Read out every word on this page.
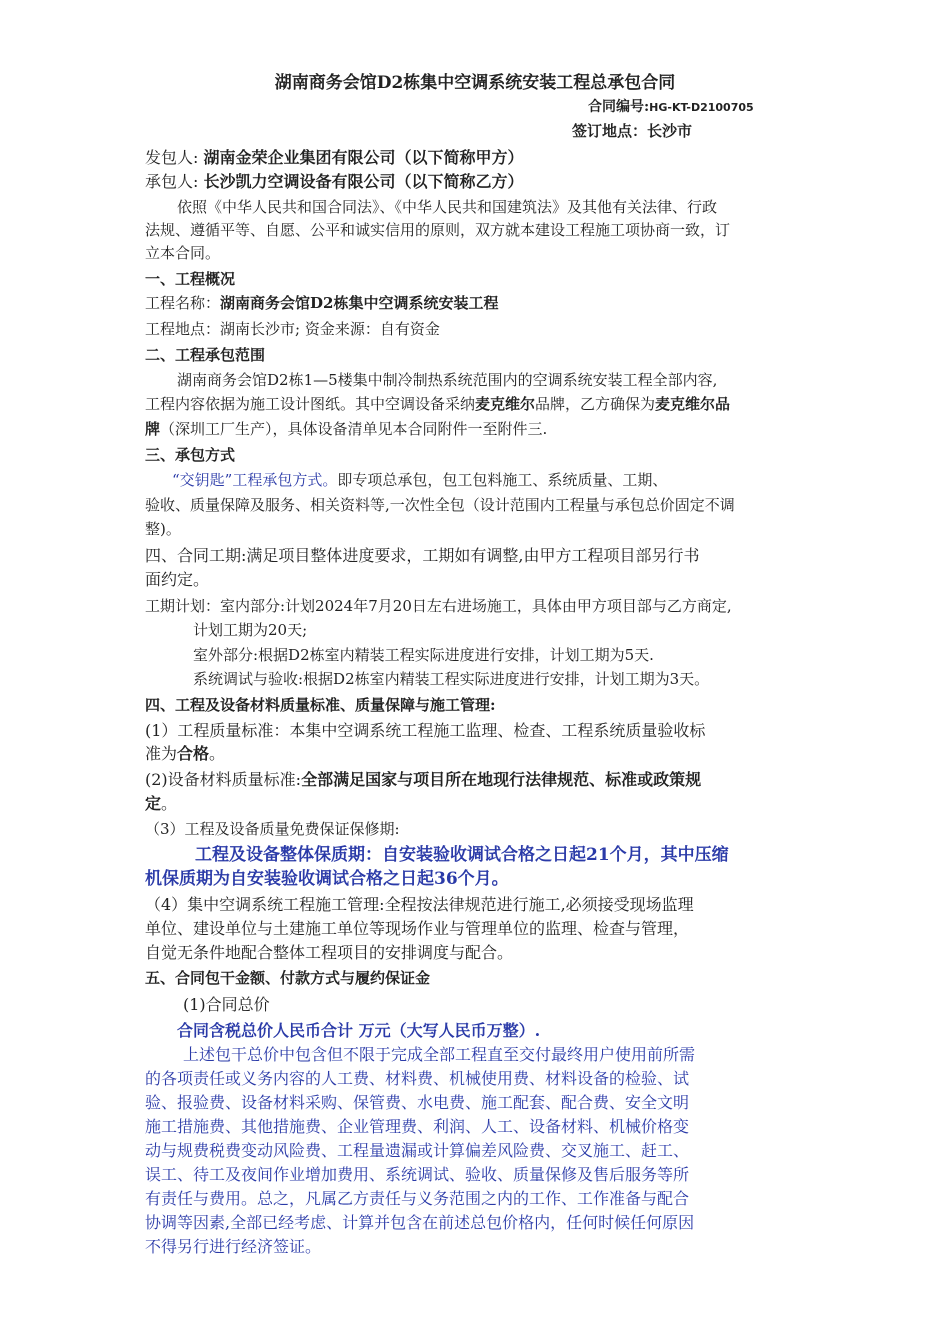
湖南商务会馆D2栋集中空调系统安装工程总承包合同
合同编号:HG-KT-D2100705
签订地点：长沙市
发包人: 湖南金荣企业集团有限公司（以下简称甲方）
承包人: 长沙凯力空调设备有限公司（以下简称乙方）
依照《中华人民共和国合同法》、《中华人民共和国建筑法》及其他有关法律、行政
法规、遵循平等、自愿、公平和诚实信用的原则，双方就本建设工程施工项协商一致，订
立本合同。
一、工程概况
工程名称：湖南商务会馆D2栋集中空调系统安装工程
工程地点：湖南长沙市; 资金来源：自有资金
二、工程承包范围
湖南商务会馆D2栋1—5楼集中制冷制热系统范围内的空调系统安装工程全部内容,
工程内容依据为施工设计图纸。其中空调设备采纳麦克维尔品牌，乙方确保为麦克维尔品
牌（深圳工厂生产），具体设备清单见本合同附件一至附件三.
三、承包方式
“交钥匙”工程承包方式。即专项总承包，包工包料施工、系统质量、工期、
验收、质量保障及服务、相关资料等,一次性全包（设计范围内工程量与承包总价固定不调
整)。
四、合同工期:满足项目整体进度要求，工期如有调整,由甲方工程项目部另行书
面约定。
工期计划：室内部分:计划2024年7月20日左右进场施工，具体由甲方项目部与乙方商定,
计划工期为20天;
室外部分:根据D2栋室内精装工程实际进度进行安排，计划工期为5天.
系统调试与验收:根据D2栋室内精装工程实际进度进行安排，计划工期为3天。
四、工程及设备材料质量标准、质量保障与施工管理:
(1）工程质量标准：本集中空调系统工程施工监理、检查、工程系统质量验收标
准为合格。
(2)设备材料质量标准:全部满足国家与项目所在地现行法律规范、标准或政策规
定。
（3）工程及设备质量免费保证保修期:
工程及设备整体保质期：自安装验收调试合格之日起21个月，其中压缩
机保质期为自安装验收调试合格之日起36个月。
（4）集中空调系统工程施工管理:全程按法律规范进行施工,必须接受现场监理
单位、建设单位与土建施工单位等现场作业与管理单位的监理、检查与管理，
自觉无条件地配合整体工程项目的安排调度与配合。
五、合同包干金额、付款方式与履约保证金
(1)合同总价
合同含税总价人民币合计 万元（大写人民币万整）.
上述包干总价中包含但不限于完成全部工程直至交付最终用户使用前所需
的各项责任或义务内容的人工费、材料费、机械使用费、材料设备的检验、试
验、报验费、设备材料采购、保管费、水电费、施工配套、配合费、安全文明
施工措施费、其他措施费、企业管理费、利润、人工、设备材料、机械价格变
动与规费税费变动风险费、工程量遗漏或计算偏差风险费、交叉施工、赶工、
误工、待工及夜间作业增加费用、系统调试、验收、质量保修及售后服务等所
有责任与费用。总之，凡属乙方责任与义务范围之内的工作、工作准备与配合
协调等因素,全部已经考虑、计算并包含在前述总包价格内，任何时候任何原因
不得另行进行经济签证。
